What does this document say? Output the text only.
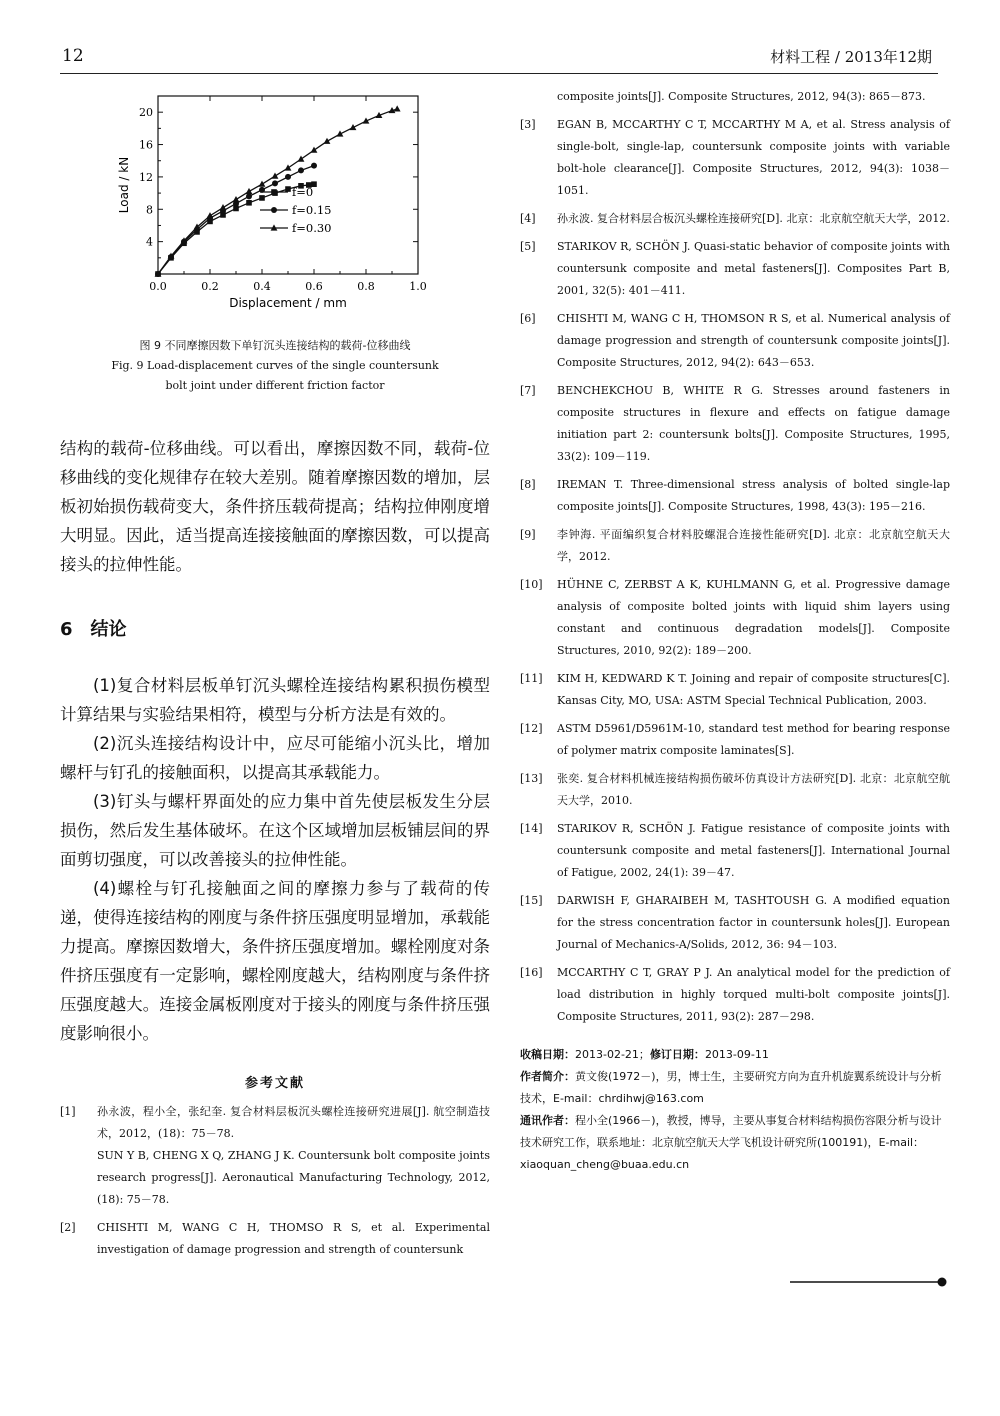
12	材料工程 / 2013年12期
0.0	0.2	0.4	0.6	0.8	1.0
4
8
12
16
20
Displacement / mm
Load / kN	f=0
f=0.15
f=0.30
图 9 不同摩擦因数下单钉沉头连接结构的载荷-位移曲线
Fig. 9 Load-displacement curves of the single countersunk
bolt joint under different friction factor

结构的载荷-位移曲线。可以看出，摩擦因数不同，载荷-位移曲线的变化规律存在较大差别。随着摩擦因数的增加，层板初始损伤载荷变大，条件挤压载荷提高；结构拉伸刚度增大明显。因此，适当提高连接接触面的摩擦因数，可以提高接头的拉伸性能。

6 结论

(1)复合材料层板单钉沉头螺栓连接结构累积损伤模型计算结果与实验结果相符，模型与分析方法是有效的。

(2)沉头连接结构设计中，应尽可能缩小沉头比，增加螺杆与钉孔的接触面积，以提高其承载能力。

(3)钉头与螺杆界面处的应力集中首先使层板发生分层损伤，然后发生基体破坏。在这个区域增加层板铺层间的界面剪切强度，可以改善接头的拉伸性能。

(4)螺栓与钉孔接触面之间的摩擦力参与了载荷的传递，使得连接结构的刚度与条件挤压强度明显增加，承载能力提高。摩擦因数增大，条件挤压强度增加。螺栓刚度对条件挤压强度有一定影响，螺栓刚度越大，结构刚度与条件挤压强度越大。连接金属板刚度对于接头的刚度与条件挤压强度影响很小。

参考文献
[1]	孙永波，程小全，张纪奎. 复合材料层板沉头螺栓连接研究进展[J]. 航空制造技术，2012，(18)：75－78.
SUN Y B, CHENG X Q, ZHANG J K. Countersunk bolt composite joints research progress[J]. Aeronautical Manufacturing Technology, 2012, (18): 75－78.
[2]	CHISHTI M, WANG C H, THOMSO R S, et al. Experimental investigation of damage progression and strength of countersunk
composite joints[J]. Composite Structures, 2012, 94(3): 865－873.
[3]	EGAN B, MCCARTHY C T, MCCARTHY M A, et al. Stress analysis of single-bolt, single-lap, countersunk composite joints with variable bolt-hole clearance[J]. Composite Structures, 2012, 94(3): 1038－1051.
[4]	孙永波. 复合材料层合板沉头螺栓连接研究[D]. 北京：北京航空航天大学，2012.
[5]	STARIKOV R, SCHÖN J. Quasi-static behavior of composite joints with countersunk composite and metal fasteners[J]. Composites Part B, 2001, 32(5): 401－411.
[6]	CHISHTI M, WANG C H, THOMSON R S, et al. Numerical analysis of damage progression and strength of countersunk composite joints[J]. Composite Structures, 2012, 94(2): 643－653.
[7]	BENCHEKCHOU B, WHITE R G. Stresses around fasteners in composite structures in flexure and effects on fatigue damage initiation part 2: countersunk bolts[J]. Composite Structures, 1995, 33(2): 109－119.
[8]	IREMAN T. Three-dimensional stress analysis of bolted single-lap composite joints[J]. Composite Structures, 1998, 43(3): 195－216.
[9]	李钟海. 平面编织复合材料胶螺混合连接性能研究[D]. 北京：北京航空航天大学，2012.
[10]	HÜHNE C, ZERBST A K, KUHLMANN G, et al. Progressive damage analysis of composite bolted joints with liquid shim layers using constant and continuous degradation models[J]. Composite Structures, 2010, 92(2): 189－200.
[11]	KIM H, KEDWARD K T. Joining and repair of composite structures[C]. Kansas City, MO, USA: ASTM Special Technical Publication, 2003.
[12]	ASTM D5961/D5961M-10, standard test method for bearing response of polymer matrix composite laminates[S].
[13]	张奕. 复合材料机械连接结构损伤破坏仿真设计方法研究[D]. 北京：北京航空航天大学，2010.
[14]	STARIKOV R, SCHÖN J. Fatigue resistance of composite joints with countersunk composite and metal fasteners[J]. International Journal of Fatigue, 2002, 24(1): 39－47.
[15]	DARWISH F, GHARAIBEH M, TASHTOUSH G. A modified equation for the stress concentration factor in countersunk holes[J]. European Journal of Mechanics-A/Solids, 2012, 36: 94－103.
[16]	MCCARTHY C T, GRAY P J. An analytical model for the prediction of load distribution in highly torqued multi-bolt composite joints[J]. Composite Structures, 2011, 93(2): 287－298.
收稿日期：2013-02-21；修订日期：2013-09-11
作者简介：黄文俊(1972－)，男，博士生，主要研究方向为直升机旋翼系统设计与分析技术，E-mail：chrdihwj@163.com
通讯作者：程小全(1966－)，教授，博导，主要从事复合材料结构损伤容限分析与设计技术研究工作，联系地址：北京航空航天大学飞机设计研究所(100191)，E-mail：xiaoquan_cheng@buaa.edu.cn
